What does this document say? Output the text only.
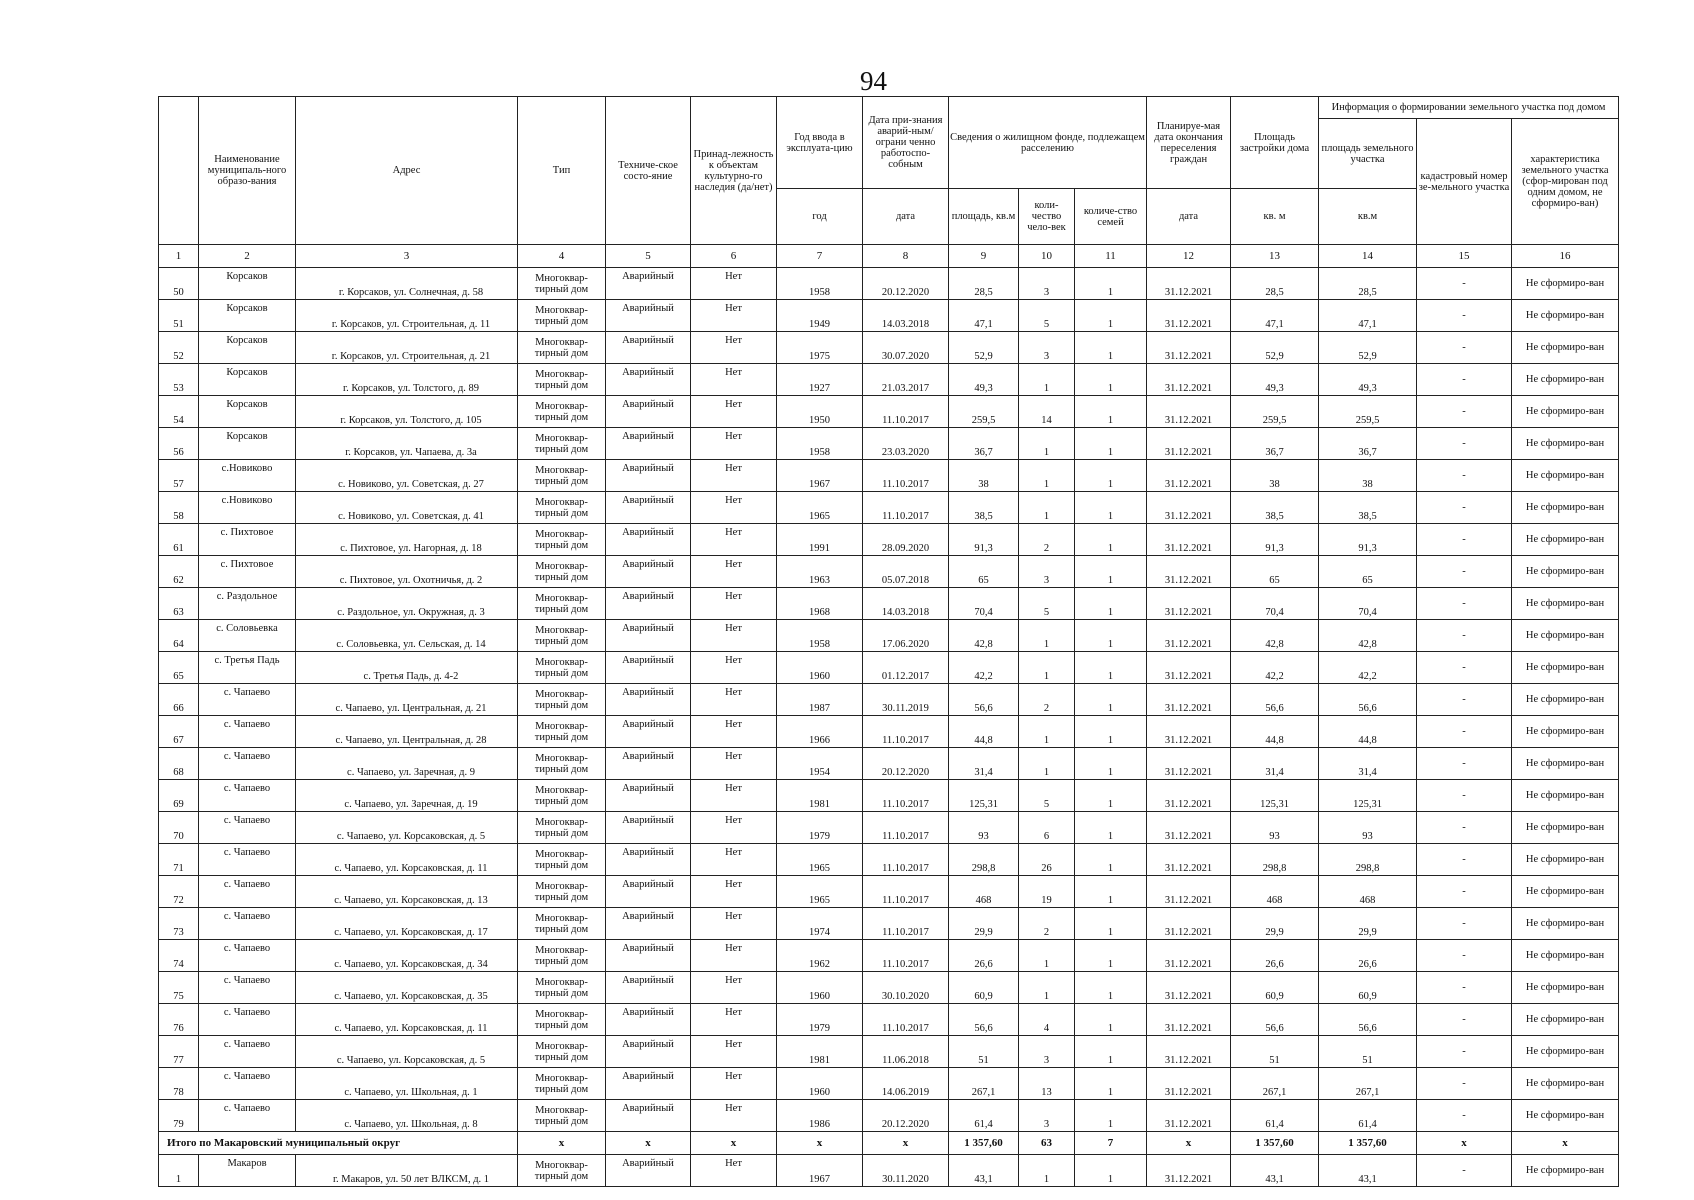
94
	Наименование муниципаль-ного образо-вания	Адрес	Тип	Техниче-ское состо-яние	Принад-лежность к объектам культурно-го наследия (да/нет)	Год ввода в эксплуата-цию	Дата при-знания аварий-ным/ограни ченно работоспо-собным	Сведения о жилищном фонде, подлежащем расселению			Планируе-мая дата окончания переселения граждан	Площадь застройки дома	Информация о формировании земельного участка под домом		
													площадь земельного участка	кадастровый номер зе-мельного участка	характеристика земельного участка (сфор-мирован под одним домом, не сформиро-ван)
						год	дата	площадь, кв.м	коли-чество чело-век	количе-ство семей	дата	кв. м	кв.м		
1	2	3	4	5	6	7	8	9	10	11	12	13	14	15	16
50	Корсаков	г. Корсаков, ул. Солнечная, д. 58	Многоквар-тирный дом	Аварийный	Нет	1958	20.12.2020	28,5	3	1	31.12.2021	28,5	28,5	-	Не сформиро-ван
51	Корсаков	г. Корсаков, ул. Строительная, д. 11	Многоквар-тирный дом	Аварийный	Нет	1949	14.03.2018	47,1	5	1	31.12.2021	47,1	47,1	-	Не сформиро-ван
52	Корсаков	г. Корсаков, ул. Строительная, д. 21	Многоквар-тирный дом	Аварийный	Нет	1975	30.07.2020	52,9	3	1	31.12.2021	52,9	52,9	-	Не сформиро-ван
53	Корсаков	г. Корсаков, ул. Толстого, д. 89	Многоквар-тирный дом	Аварийный	Нет	1927	21.03.2017	49,3	1	1	31.12.2021	49,3	49,3	-	Не сформиро-ван
54	Корсаков	г. Корсаков, ул. Толстого, д. 105	Многоквар-тирный дом	Аварийный	Нет	1950	11.10.2017	259,5	14	1	31.12.2021	259,5	259,5	-	Не сформиро-ван
56	Корсаков	г. Корсаков, ул. Чапаева, д. 3а	Многоквар-тирный дом	Аварийный	Нет	1958	23.03.2020	36,7	1	1	31.12.2021	36,7	36,7	-	Не сформиро-ван
57	с.Новиково	с. Новиково, ул. Советская, д. 27	Многоквар-тирный дом	Аварийный	Нет	1967	11.10.2017	38	1	1	31.12.2021	38	38	-	Не сформиро-ван
58	с.Новиково	с. Новиково, ул. Советская, д. 41	Многоквар-тирный дом	Аварийный	Нет	1965	11.10.2017	38,5	1	1	31.12.2021	38,5	38,5	-	Не сформиро-ван
61	с. Пихтовое	с. Пихтовое, ул. Нагорная, д. 18	Многоквар-тирный дом	Аварийный	Нет	1991	28.09.2020	91,3	2	1	31.12.2021	91,3	91,3	-	Не сформиро-ван
62	с. Пихтовое	с. Пихтовое, ул. Охотничья, д. 2	Многоквар-тирный дом	Аварийный	Нет	1963	05.07.2018	65	3	1	31.12.2021	65	65	-	Не сформиро-ван
63	с. Раздольное	с. Раздольное, ул. Окружная, д. 3	Многоквар-тирный дом	Аварийный	Нет	1968	14.03.2018	70,4	5	1	31.12.2021	70,4	70,4	-	Не сформиро-ван
64	с. Соловьевка	с. Соловьевка, ул. Сельская, д. 14	Многоквар-тирный дом	Аварийный	Нет	1958	17.06.2020	42,8	1	1	31.12.2021	42,8	42,8	-	Не сформиро-ван
65	с. Третья Падь	с. Третья Падь, д. 4-2	Многоквар-тирный дом	Аварийный	Нет	1960	01.12.2017	42,2	1	1	31.12.2021	42,2	42,2	-	Не сформиро-ван
66	с. Чапаево	с. Чапаево, ул. Центральная, д. 21	Многоквар-тирный дом	Аварийный	Нет	1987	30.11.2019	56,6	2	1	31.12.2021	56,6	56,6	-	Не сформиро-ван
67	с. Чапаево	с. Чапаево, ул. Центральная, д. 28	Многоквар-тирный дом	Аварийный	Нет	1966	11.10.2017	44,8	1	1	31.12.2021	44,8	44,8	-	Не сформиро-ван
68	с. Чапаево	с. Чапаево, ул. Заречная, д. 9	Многоквар-тирный дом	Аварийный	Нет	1954	20.12.2020	31,4	1	1	31.12.2021	31,4	31,4	-	Не сформиро-ван
69	с. Чапаево	с. Чапаево, ул. Заречная, д. 19	Многоквар-тирный дом	Аварийный	Нет	1981	11.10.2017	125,31	5	1	31.12.2021	125,31	125,31	-	Не сформиро-ван
70	с. Чапаево	с. Чапаево, ул. Корсаковская, д. 5	Многоквар-тирный дом	Аварийный	Нет	1979	11.10.2017	93	6	1	31.12.2021	93	93	-	Не сформиро-ван
71	с. Чапаево	с. Чапаево, ул. Корсаковская, д. 11	Многоквар-тирный дом	Аварийный	Нет	1965	11.10.2017	298,8	26	1	31.12.2021	298,8	298,8	-	Не сформиро-ван
72	с. Чапаево	с. Чапаево, ул. Корсаковская, д. 13	Многоквар-тирный дом	Аварийный	Нет	1965	11.10.2017	468	19	1	31.12.2021	468	468	-	Не сформиро-ван
73	с. Чапаево	с. Чапаево, ул. Корсаковская, д. 17	Многоквар-тирный дом	Аварийный	Нет	1974	11.10.2017	29,9	2	1	31.12.2021	29,9	29,9	-	Не сформиро-ван
74	с. Чапаево	с. Чапаево, ул. Корсаковская, д. 34	Многоквар-тирный дом	Аварийный	Нет	1962	11.10.2017	26,6	1	1	31.12.2021	26,6	26,6	-	Не сформиро-ван
75	с. Чапаево	с. Чапаево, ул. Корсаковская, д. 35	Многоквар-тирный дом	Аварийный	Нет	1960	30.10.2020	60,9	1	1	31.12.2021	60,9	60,9	-	Не сформиро-ван
76	с. Чапаево	с. Чапаево, ул. Корсаковская, д. 11	Многоквар-тирный дом	Аварийный	Нет	1979	11.10.2017	56,6	4	1	31.12.2021	56,6	56,6	-	Не сформиро-ван
77	с. Чапаево	с. Чапаево, ул. Корсаковская, д. 5	Многоквар-тирный дом	Аварийный	Нет	1981	11.06.2018	51	3	1	31.12.2021	51	51	-	Не сформиро-ван
78	с. Чапаево	с. Чапаево, ул. Школьная, д. 1	Многоквар-тирный дом	Аварийный	Нет	1960	14.06.2019	267,1	13	1	31.12.2021	267,1	267,1	-	Не сформиро-ван
79	с. Чапаево	с. Чапаево, ул. Школьная, д. 8	Многоквар-тирный дом	Аварийный	Нет	1986	20.12.2020	61,4	3	1	31.12.2021	61,4	61,4	-	Не сформиро-ван
Итого по Макаровский муниципальный округ			x	x	x	x	x	1 357,60	63	7	x	1 357,60	1 357,60	x	x
1	Макаров	г. Макаров, ул. 50 лет ВЛКСМ, д. 1	Многоквар-тирный дом	Аварийный	Нет	1967	30.11.2020	43,1	1	1	31.12.2021	43,1	43,1	-	Не сформиро-ван
